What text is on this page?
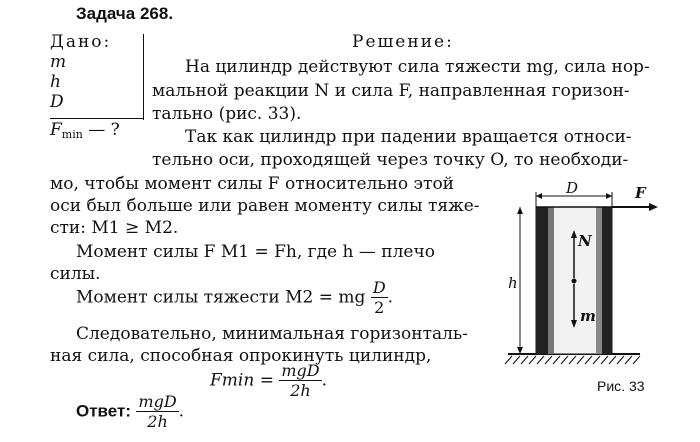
Задача 268.
Дано:
m
h
D
$F_{min}$ — ?
Решение:
На цилиндр действуют сила тяжести mg, сила нор-
мальной реакции N и сила F, направленная горизон-
тально (рис. 33).
Так как цилиндр при падении вращается относи-
тельно оси, проходящей через точку O, то необходи-
мо, чтобы момент силы F относительно этой
оси был больше или равен моменту силы тяже-
сти: M1 ≥ M2.
Момент силы F M1 = Fh, где h — плечо
силы.
Момент силы тяжести M2 = mg $\frac{D}{2}$ .
Следовательно, минимальная горизонталь-
ная сила, способная опрокинуть цилиндр,
$Fmin = \frac{\text{mgD}}{2h}$ .
Ответ: $\frac{\text{mgD}}{2h}$ .
D	F
h
N
m
Рис. 33
